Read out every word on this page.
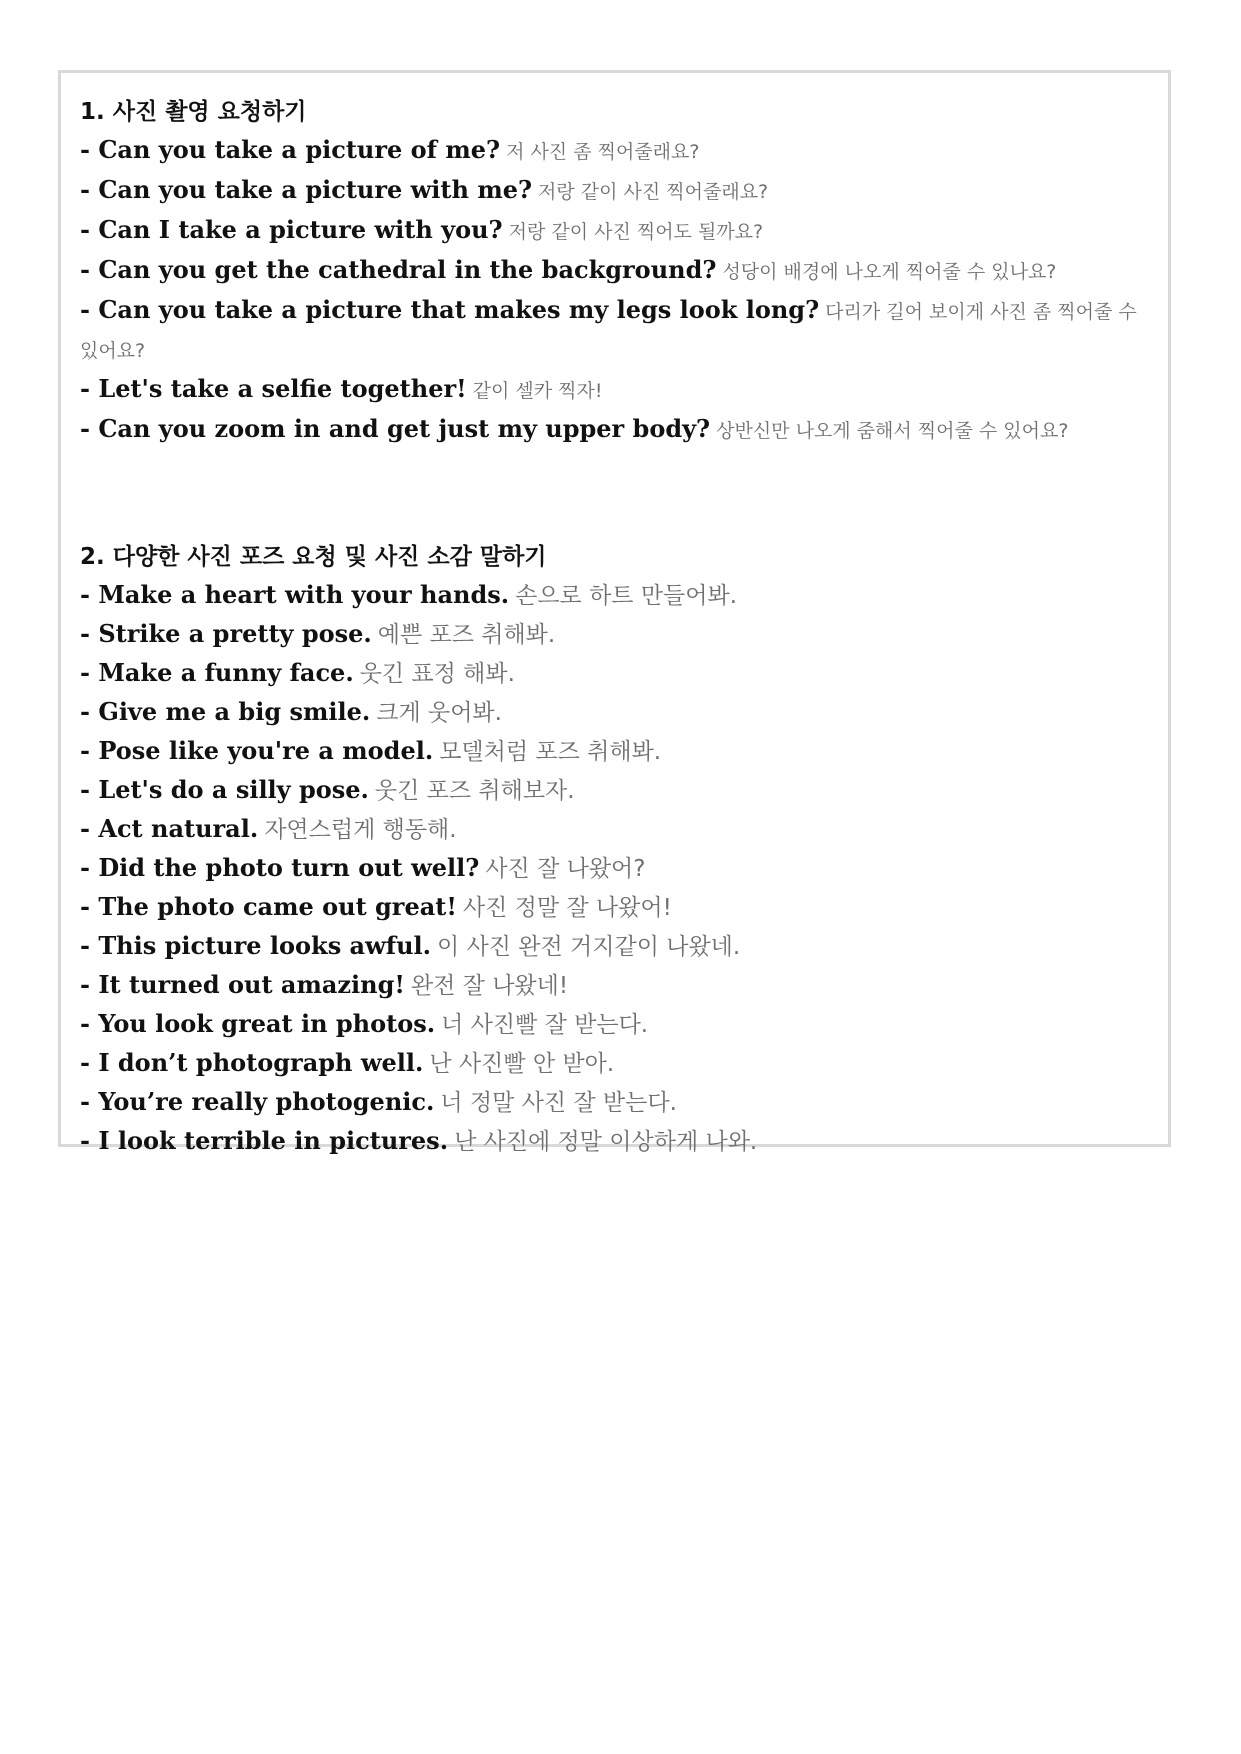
1. 사진 촬영 요청하기
- Can you take a picture of me? 저 사진 좀 찍어줄래요?
- Can you take a picture with me? 저랑 같이 사진 찍어줄래요?
- Can I take a picture with you? 저랑 같이 사진 찍어도 될까요?
- Can you get the cathedral in the background? 성당이 배경에 나오게 찍어줄 수 있나요?
- Can you take a picture that makes my legs look long? 다리가 길어 보이게 사진 좀 찍어줄 수 있어요?
- Let's take a selfie together! 같이 셀카 찍자!
- Can you zoom in and get just my upper body? 상반신만 나오게 줌해서 찍어줄 수 있어요?
2. 다양한 사진 포즈 요청 및 사진 소감 말하기
- Make a heart with your hands. 손으로 하트 만들어봐.
- Strike a pretty pose. 예쁜 포즈 취해봐.
- Make a funny face. 웃긴 표정 해봐.
- Give me a big smile. 크게 웃어봐.
- Pose like you're a model. 모델처럼 포즈 취해봐.
- Let's do a silly pose. 웃긴 포즈 취해보자.
- Act natural. 자연스럽게 행동해.
- Did the photo turn out well? 사진 잘 나왔어?
- The photo came out great! 사진 정말 잘 나왔어!
- This picture looks awful. 이 사진 완전 거지같이 나왔네.
- It turned out amazing! 완전 잘 나왔네!
- You look great in photos. 너 사진빨 잘 받는다.
- I don’t photograph well. 난 사진빨 안 받아.
- You’re really photogenic. 너 정말 사진 잘 받는다.
- I look terrible in pictures. 난 사진에 정말 이상하게 나와.
